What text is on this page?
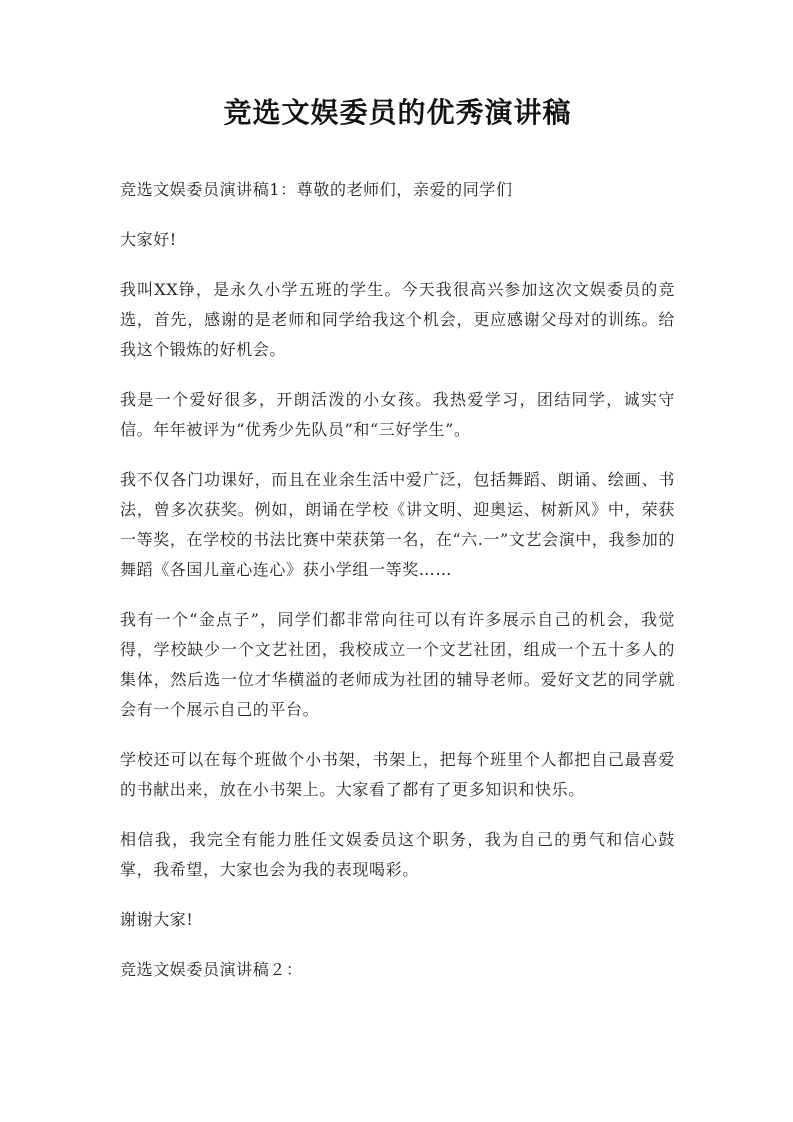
竞选文娱委员的优秀演讲稿

竞选文娱委员演讲稿1：尊敬的老师们，亲爱的同学们

大家好!

我叫XX铮，是永久小学五班的学生。今天我很高兴参加这次文娱委员的竞选，首先，感谢的是老师和同学给我这个机会，更应感谢父母对的训练。给我这个锻炼的好机会。

我是一个爱好很多，开朗活泼的小女孩。我热爱学习，团结同学，诚实守信。年年被评为“优秀少先队员”和“三好学生”。

我不仅各门功课好，而且在业余生活中爱广泛，包括舞蹈、朗诵、绘画、书法，曾多次获奖。例如，朗诵在学校《讲文明、迎奥运、树新风》中，荣获一等奖，在学校的书法比赛中荣获第一名，在“六.一”文艺会演中，我参加的舞蹈《各国儿童心连心》获小学组一等奖……

我有一个“金点子”，同学们都非常向往可以有许多展示自己的机会，我觉得，学校缺少一个文艺社团，我校成立一个文艺社团，组成一个五十多人的集体，然后选一位才华横溢的老师成为社团的辅导老师。爱好文艺的同学就会有一个展示自己的平台。

学校还可以在每个班做个小书架，书架上，把每个班里个人都把自己最喜爱的书献出来，放在小书架上。大家看了都有了更多知识和快乐。

相信我，我完全有能力胜任文娱委员这个职务，我为自己的勇气和信心鼓掌，我希望，大家也会为我的表现喝彩。

谢谢大家!

竞选文娱委员演讲稿２：
